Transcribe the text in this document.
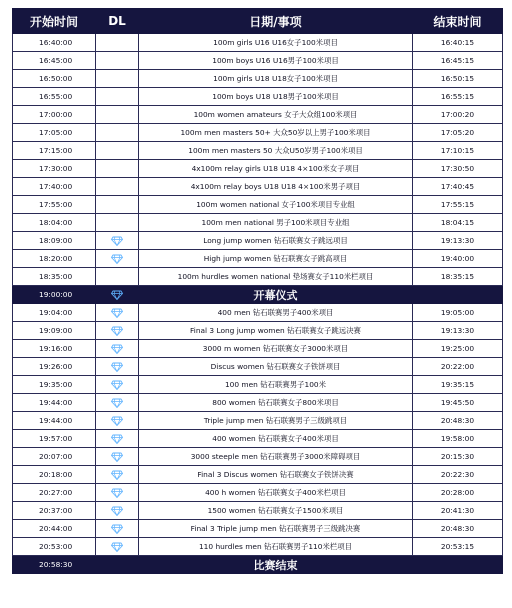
开始时间	DL	日期/事项	结束时间
16:40:00		100m girls U16 U16女子100米项目	16:40:15
16:45:00		100m boys U16 U16男子100米项目	16:45:15
16:50:00		100m girls U18 U18女子100米项目	16:50:15
16:55:00		100m boys U18 U18男子100米项目	16:55:15
17:00:00		100m women amateurs 女子大众组100米项目	17:00:20
17:05:00		100m men masters 50+ 大众50岁以上男子100米项目	17:05:20
17:15:00		100m men masters 50 大众U50岁男子100米项目	17:10:15
17:30:00		4x100m relay girls U18 U18 4×100米女子项目	17:30:50
17:40:00		4x100m relay boys U18 U18 4×100米男子项目	17:40:45
17:55:00		100m women national 女子100米项目专业组	17:55:15
18:04:00		100m men national 男子100米项目专业组	18:04:15
18:09:00		Long jump women 钻石联赛女子跳远项目	19:13:30
18:20:00		High jump women 钻石联赛女子跳高项目	19:40:00
18:35:00		100m hurdles women national 垫场赛女子110米栏项目	18:35:15
19:00:00		开幕仪式	
19:04:00		400 men 钻石联赛男子400米项目	19:05:00
19:09:00		Final 3 Long jump women 钻石联赛女子跳远决赛	19:13:30
19:16:00		3000 m women 钻石联赛女子3000米项目	19:25:00
19:26:00		Discus women 钻石联赛女子铁饼项目	20:22:00
19:35:00		100 men 钻石联赛男子100米	19:35:15
19:44:00		800 women 钻石联赛女子800米项目	19:45:50
19:44:00		Triple jump men 钻石联赛男子三级跳项目	20:48:30
19:57:00		400 women 钻石联赛女子400米项目	19:58:00
20:07:00		3000 steeple men 钻石联赛男子3000米障碍项目	20:15:30
20:18:00		Final 3 Discus women 钻石联赛女子铁饼决赛	20:22:30
20:27:00		400 h women 钻石联赛女子400米栏项目	20:28:00
20:37:00		1500 women 钻石联赛女子1500米项目	20:41:30
20:44:00		Final 3 Triple jump men 钻石联赛男子三级跳决赛	20:48:30
20:53:00		110 hurdles men 钻石联赛男子110米栏项目	20:53:15
20:58:30		比赛结束	
